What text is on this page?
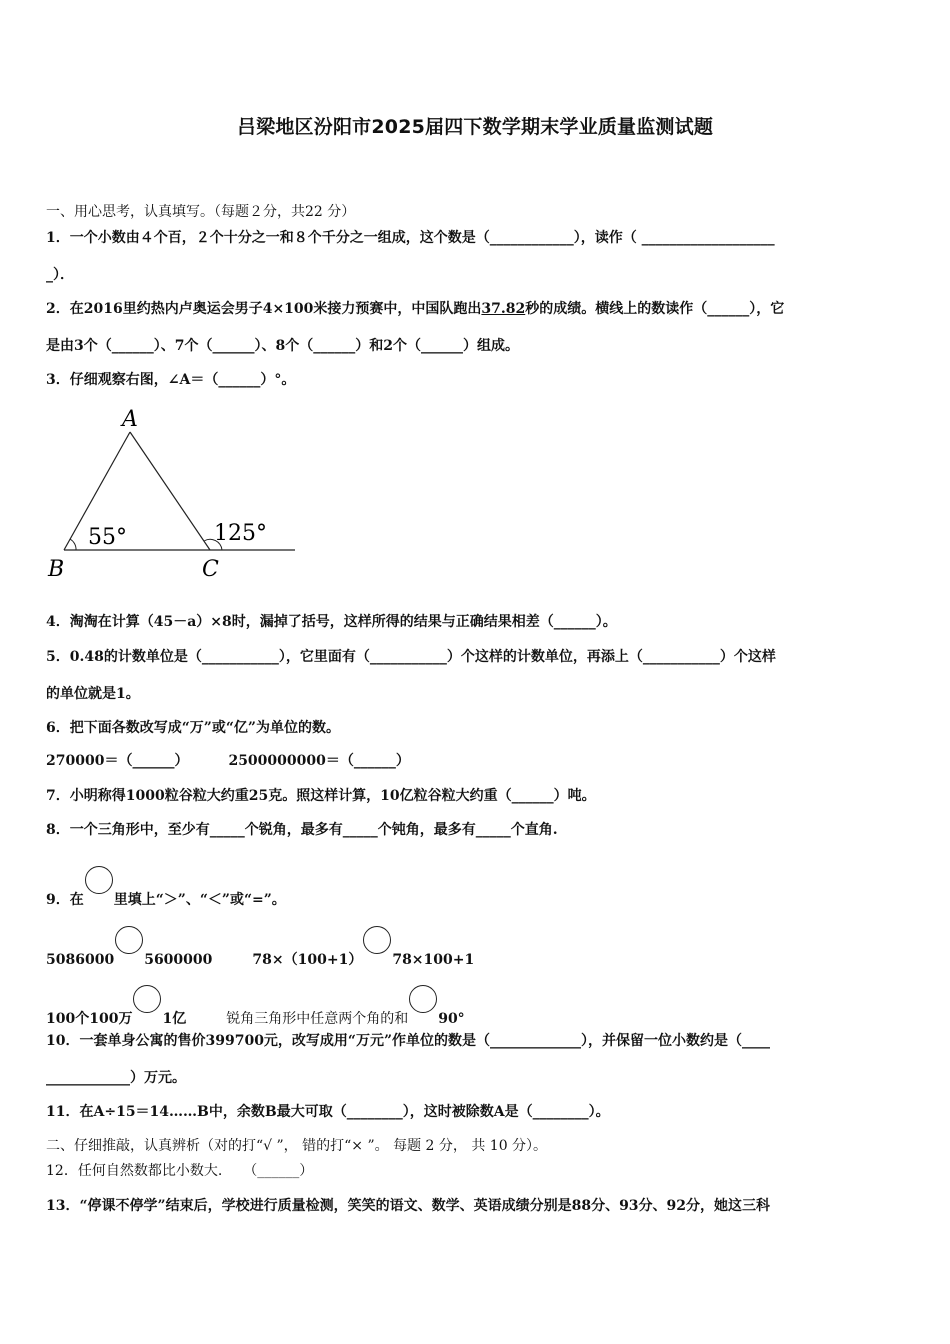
吕梁地区汾阳市2025届四下数学期末学业质量监测试题
一、用心思考，认真填写。（每题２分，共22 分）
1．一个小数由４个百，２个十分之一和８个千分之一组成，这个数是（____________），读作（ ___________________
_）．
2．在2016里约热内卢奥运会男子4×100米接力预赛中，中国队跑出37.82秒的成绩。横线上的数读作（______），它
是由3个（______）、7个（______）、8个（______）和2个（______）组成。
3．仔细观察右图，∠A＝（______）°。
A
B	C
55°	125°
4．淘淘在计算（45－a）×8时，漏掉了括号，这样所得的结果与正确结果相差（______）。
5．0.48的计数单位是（___________），它里面有（___________）个这样的计数单位，再添上（___________）个这样
的单位就是1。
6．把下面各数改写成“万”或“亿”为单位的数。
270000＝（______）	2500000000＝（______）
7．小明称得1000粒谷粒大约重25克。照这样计算，10亿粒谷粒大约重（______）吨。
8．一个三角形中，至少有_____个锐角，最多有_____个钝角，最多有_____个直角.
9．在 里填上“＞”、“＜”或“=”。
5086000 5600000	78×（100+1） 78×100+1
100个100万 1亿	锐角三角形中任意两个角的和 90°
10．一套单身公寓的售价399700元，改写成用“万元”作单位的数是（_____________），并保留一位小数约是（____
____________）万元。
11．在A÷15＝14……B中，余数B最大可取（________），这时被除数A是（________）。
二、仔细推敲，认真辨析（对的打“√ ”， 错的打“× ”。 每题 2 分， 共 10 分）。
12．任何自然数都比小数大.　　（______）
13．“停课不停学”结束后，学校进行质量检测，笑笑的语文、数学、英语成绩分别是88分、93分、92分，她这三科
